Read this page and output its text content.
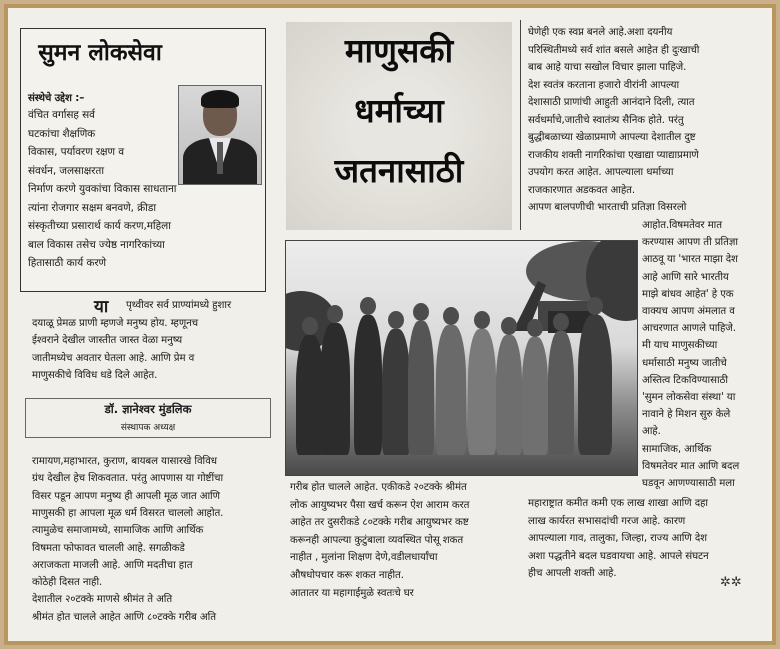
सुमन लोकसेवा

संस्थेचे उद्देश :–

वंचित वर्गासह सर्व

घटकांचा शैक्षणिक

विकास, पर्यावरण रक्षण व

संवर्धन, जलसाक्षरता

निर्माण करणे युवकांचा विकास साधताना

त्यांना रोजगार सक्षम बनवणे, क्रीडा

संस्कृतीच्या प्रसारार्थ कार्य करण,महिला

बाल विकास तसेच ज्येष्ठ नागरिकांच्या

हितासाठी कार्य करणे

माणुसकी
धर्माच्या
जतनासाठी
या पृथ्वीवर सर्व प्राण्यांमध्ये हुशार

दयाळू प्रेमळ प्राणी म्हणजे मनुष्य होय. म्हणूनच

ईश्वराने देखील जास्तीत जास्त वेळा मनुष्य

जातीमध्येच अवतार घेतला आहे. आणि प्रेम व

माणुसकीचे विविध धडे दिले आहेत.

डॉ. ज्ञानेश्वर मुंडलिक

संस्थापक अध्यक्ष

रामायण,महाभारत, कुराण, बायबल यासारखे विविध

ग्रंथ देखील हेच शिकवतात. परंतु आपणास या गोष्टींचा

विसर पडून आपण मनुष्य ही आपली मूळ जात आणि

माणुसकी हा आपला मूळ धर्म विसरत चाललो आहोत.

त्यामुळेच समाजामध्ये, सामाजिक आणि आर्थिक

विषमता फोफावत चालली आहे. सगळीकडे

अराजकता माजली आहे. आणि मदतीचा हात

कोठेही दिसत नाही.

देशातील २०टक्के माणसे श्रीमंत ते अति

श्रीमंत होत चालले आहेत आणि ८०टक्के गरीब अति

गरीब होत चालले आहेत. एकीकडे २०टक्के श्रीमंत

लोक आयुष्यभर पैसा खर्च करून ऐश आराम करत

आहेत तर दुसरीकडे ८०टक्के गरीब आयुष्यभर कष्ट

करूनही आपल्या कुटुंबाला व्यवस्थित पोसू शकत

नाहीत , मुलांना शिक्षण देणे,वडीलधार्यांचा

औषधोपचार करू शकत नाहीत.

आतातर या महागाईमुळे स्वतःचे घर

घेणेही एक स्वप्न बनले आहे.अशा दयनीय

परिस्थितीमध्ये सर्व शांत बसले आहेत ही दुःखाची

बाब आहे याचा सखोल विचार झाला पाहिजे.

देश स्वतंत्र करताना हजारो वीरांनी आपल्या

देशासाठी प्राणांची आहुती आनंदाने दिली, त्यात

सर्वधर्माचे,जातीचे स्वातंत्र्य सैनिक होते. परंतु

बुद्धीबळाच्या खेळाप्रमाणे आपल्या देशातील दुष्ट

राजकीय शक्ती नागरिकांचा एखाद्या प्याद्याप्रमाणे

उपयोग करत आहेत. आपल्याला धर्माच्या

राजकारणात अडकवत आहेत.

आपण बालपणीची भारताची प्रतिज्ञा विसरलो

आहोत.विषमतेवर मात

करण्यास आपण ती प्रतिज्ञा

आठवू या 'भारत माझा देश

आहे आणि सारे भारतीय

माझे बांधव आहेत' हे एक

वाक्यच आपण अंमलात व

आचरणात आणले पाहिजे.

मी याच माणुसकीच्या

धर्मासाठी मनुष्य जातीचे

अस्तित्व टिकविण्यासाठी

'सुमन लोकसेवा संस्था' या

नावाने हे मिशन सुरु केले

आहे.

सामाजिक, आर्थिक

विषमतेवर मात आणि बदल

घडवून आणण्यासाठी मला

महाराष्ट्रात कमीत कमी एक लाख शाखा आणि दहा

लाख कार्यरत सभासदांची गरज आहे. कारण

आपल्याला गाव, तालुका, जिल्हा, राज्य आणि देश

अशा पद्धतीने बदल घडवायचा आहे. आपले संघटन

हीच आपली शक्ती आहे.

✲✲
